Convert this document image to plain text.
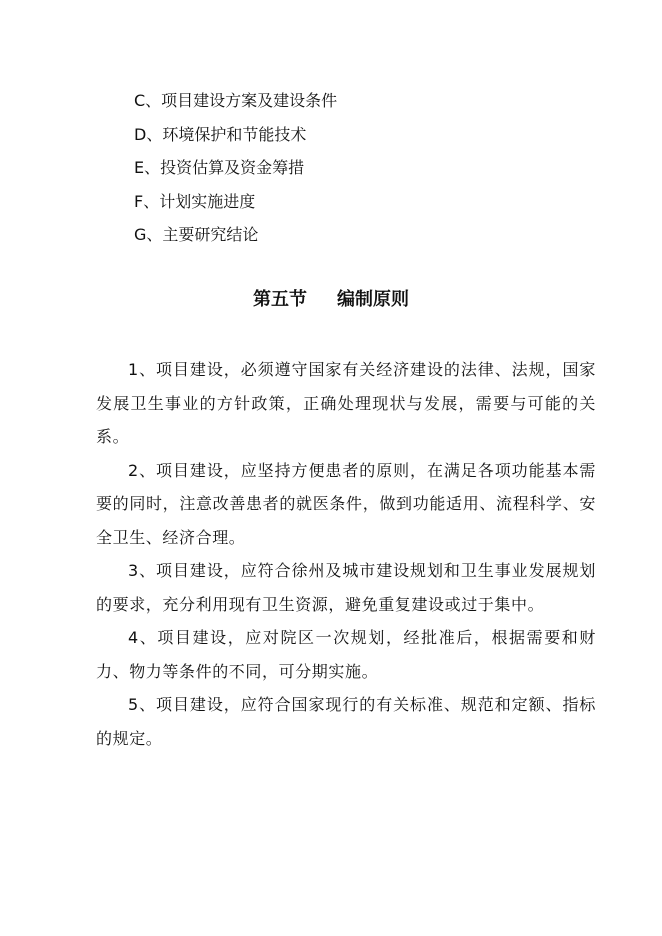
C、项目建设方案及建设条件
D、环境保护和节能技术
E、投资估算及资金筹措
F、计划实施进度
G、主要研究结论
第五节 编制原则

1、项目建设，必须遵守国家有关经济建设的法律、法规，国家发展卫生事业的方针政策，正确处理现状与发展，需要与可能的关系。

2、项目建设，应坚持方便患者的原则，在满足各项功能基本需要的同时，注意改善患者的就医条件，做到功能适用、流程科学、安全卫生、经济合理。

3、项目建设，应符合徐州及城市建设规划和卫生事业发展规划的要求，充分利用现有卫生资源，避免重复建设或过于集中。

4、项目建设，应对院区一次规划，经批准后，根据需要和财力、物力等条件的不同，可分期实施。

5、项目建设，应符合国家现行的有关标准、规范和定额、指标的规定。
